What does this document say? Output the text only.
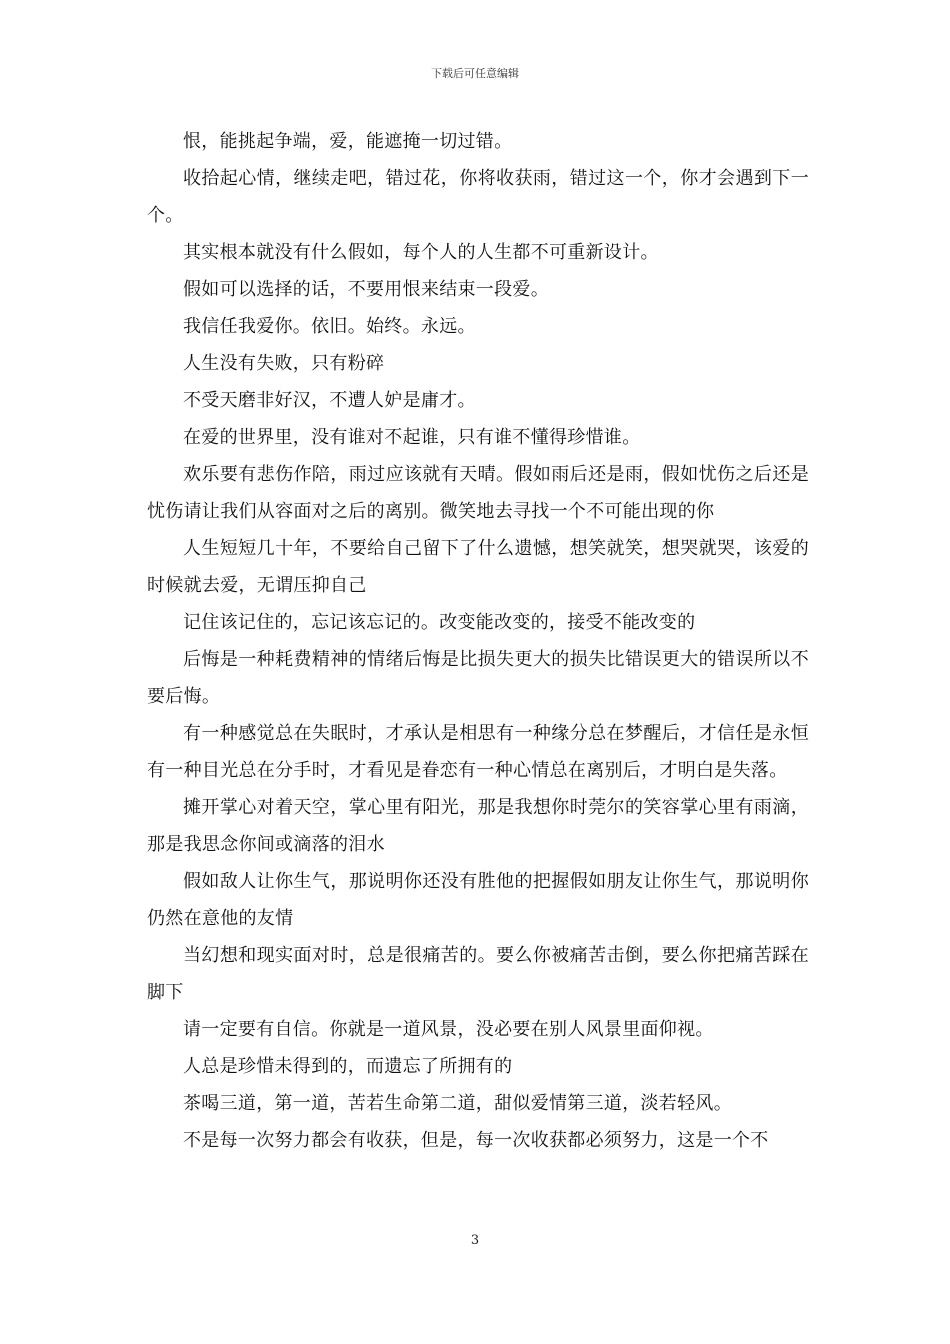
下载后可任意编辑

恨，能挑起争端，爱，能遮掩一切过错。

收拾起心情，继续走吧，错过花，你将收获雨，错过这一个，你才会遇到下一个。

其实根本就没有什么假如，每个人的人生都不可重新设计。

假如可以选择的话，不要用恨来结束一段爱。

我信任我爱你。依旧。始终。永远。

人生没有失败，只有粉碎

不受天磨非好汉，不遭人妒是庸才。

在爱的世界里，没有谁对不起谁，只有谁不懂得珍惜谁。

欢乐要有悲伤作陪，雨过应该就有天晴。假如雨后还是雨，假如忧伤之后还是忧伤请让我们从容面对之后的离别。微笑地去寻找一个不可能出现的你

人生短短几十年，不要给自己留下了什么遗憾，想笑就笑，想哭就哭，该爱的时候就去爱，无谓压抑自己

记住该记住的，忘记该忘记的。改变能改变的，接受不能改变的

后悔是一种耗费精神的情绪后悔是比损失更大的损失比错误更大的错误所以不要后悔。

有一种感觉总在失眠时，才承认是相思有一种缘分总在梦醒后，才信任是永恒有一种目光总在分手时，才看见是眷恋有一种心情总在离别后，才明白是失落。

摊开掌心对着天空，掌心里有阳光，那是我想你时莞尔的笑容掌心里有雨滴，那是我思念你间或滴落的泪水

假如敌人让你生气，那说明你还没有胜他的把握假如朋友让你生气，那说明你仍然在意他的友情

当幻想和现实面对时，总是很痛苦的。要么你被痛苦击倒，要么你把痛苦踩在脚下

请一定要有自信。你就是一道风景，没必要在别人风景里面仰视。

人总是珍惜未得到的，而遗忘了所拥有的

茶喝三道，第一道，苦若生命第二道，甜似爱情第三道，淡若轻风。

不是每一次努力都会有收获，但是，每一次收获都必须努力，这是一个不

3
